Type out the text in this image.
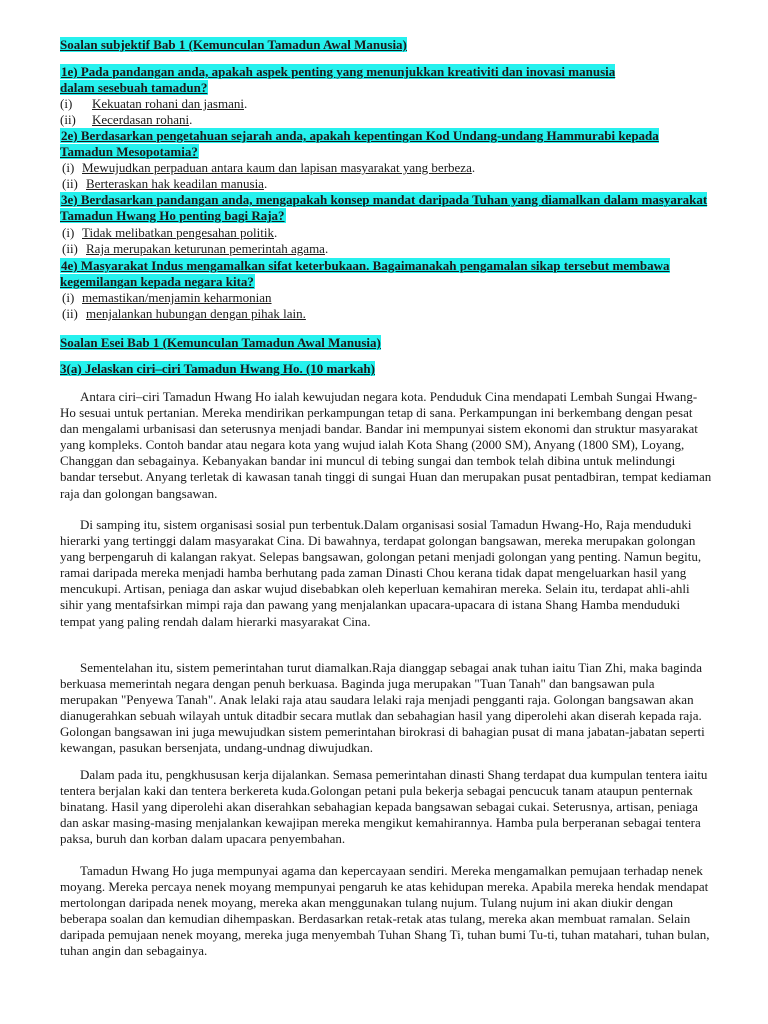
Soalan subjektif Bab 1 (Kemunculan Tamadun Awal Manusia)
1e) Pada pandangan anda, apakah aspek penting yang menunjukkan kreativiti dan inovasi manusia dalam sesebuah tamadun?
(i) Kekuatan rohani dan jasmani.
(ii) Kecerdasan rohani.
2e) Berdasarkan pengetahuan sejarah anda, apakah kepentingan Kod Undang-undang Hammurabi kepada Tamadun Mesopotamia?
(i) Mewujudkan perpaduan antara kaum dan lapisan masyarakat yang berbeza.
(ii) Berteraskan hak keadilan manusia.
3e) Berdasarkan pandangan anda, mengapakah konsep mandat daripada Tuhan yang diamalkan dalam masyarakat Tamadun Hwang Ho penting bagi Raja?
(i) Tidak melibatkan pengesahan politik.
(ii) Raja merupakan keturunan pemerintah agama.
4e) Masyarakat Indus mengamalkan sifat keterbukaan. Bagaimanakah pengamalan sikap tersebut membawa kegemilangan kepada negara kita?
(i) memastikan/menjamin keharmonian
(ii) menjalankan hubungan dengan pihak lain.
Soalan Esei Bab 1 (Kemunculan Tamadun Awal Manusia)
3(a) Jelaskan ciri–ciri Tamadun Hwang Ho. (10 markah)

Antara ciri–ciri Tamadun Hwang Ho ialah kewujudan negara kota. Penduduk Cina mendapati Lembah Sungai Hwang-Ho sesuai untuk pertanian. Mereka mendirikan perkampungan tetap di sana. Perkampungan ini berkembang dengan pesat dan mengalami urbanisasi dan seterusnya menjadi bandar. Bandar ini mempunyai sistem ekonomi dan struktur masyarakat yang kompleks. Contoh bandar atau negara kota yang wujud ialah Kota Shang (2000 SM), Anyang (1800 SM), Loyang, Changgan dan sebagainya. Kebanyakan bandar ini muncul di tebing sungai dan tembok telah dibina untuk melindungi bandar tersebut. Anyang terletak di kawasan tanah tinggi di sungai Huan dan merupakan pusat pentadbiran, tempat kediaman raja dan golongan bangsawan.

Di samping itu, sistem organisasi sosial pun terbentuk.Dalam organisasi sosial Tamadun Hwang-Ho, Raja menduduki hierarki yang tertinggi dalam masyarakat Cina. Di bawahnya, terdapat golongan bangsawan, mereka merupakan golongan yang berpengaruh di kalangan rakyat. Selepas bangsawan, golongan petani menjadi golongan yang penting. Namun begitu, ramai daripada mereka menjadi hamba berhutang pada zaman Dinasti Chou kerana tidak dapat mengeluarkan hasil yang mencukupi. Artisan, peniaga dan askar wujud disebabkan oleh keperluan kemahiran mereka. Selain itu, terdapat ahli-ahli sihir yang mentafsirkan mimpi raja dan pawang yang menjalankan upacara-upacara di istana Shang Hamba menduduki tempat yang paling rendah dalam hierarki masyarakat Cina.

Sementelahan itu, sistem pemerintahan turut diamalkan.Raja dianggap sebagai anak tuhan iaitu Tian Zhi, maka baginda berkuasa memerintah negara dengan penuh berkuasa. Baginda juga merupakan "Tuan Tanah" dan bangsawan pula merupakan "Penyewa Tanah". Anak lelaki raja atau saudara lelaki raja menjadi pengganti raja. Golongan bangsawan akan dianugerahkan sebuah wilayah untuk ditadbir secara mutlak dan sebahagian hasil yang diperolehi akan diserah kepada raja. Golongan bangsawan ini juga mewujudkan sistem pemerintahan birokrasi di bahagian pusat di mana jabatan-jabatan seperti kewangan, pasukan bersenjata, undang-undnag diwujudkan.

Dalam pada itu, pengkhususan kerja dijalankan. Semasa pemerintahan dinasti Shang terdapat dua kumpulan tentera iaitu tentera berjalan kaki dan tentera berkereta kuda.Golongan petani pula bekerja sebagai pencucuk tanam ataupun penternak binatang. Hasil yang diperolehi akan diserahkan sebahagian kepada bangsawan sebagai cukai. Seterusnya, artisan, peniaga dan askar masing-masing menjalankan kewajipan mereka mengikut kemahirannya. Hamba pula berperanan sebagai tentera paksa, buruh dan korban dalam upacara penyembahan.

Tamadun Hwang Ho juga mempunyai agama dan kepercayaan sendiri. Mereka mengamalkan pemujaan terhadap nenek moyang. Mereka percaya nenek moyang mempunyai pengaruh ke atas kehidupan mereka. Apabila mereka hendak mendapat mertolongan daripada nenek moyang, mereka akan menggunakan tulang nujum. Tulang nujum ini akan diukir dengan beberapa soalan dan kemudian dihempaskan. Berdasarkan retak-retak atas tulang, mereka akan membuat ramalan. Selain daripada pemujaan nenek moyang, mereka juga menyembah Tuhan Shang Ti, tuhan bumi Tu-ti, tuhan matahari, tuhan bulan, tuhan angin dan sebagainya.
